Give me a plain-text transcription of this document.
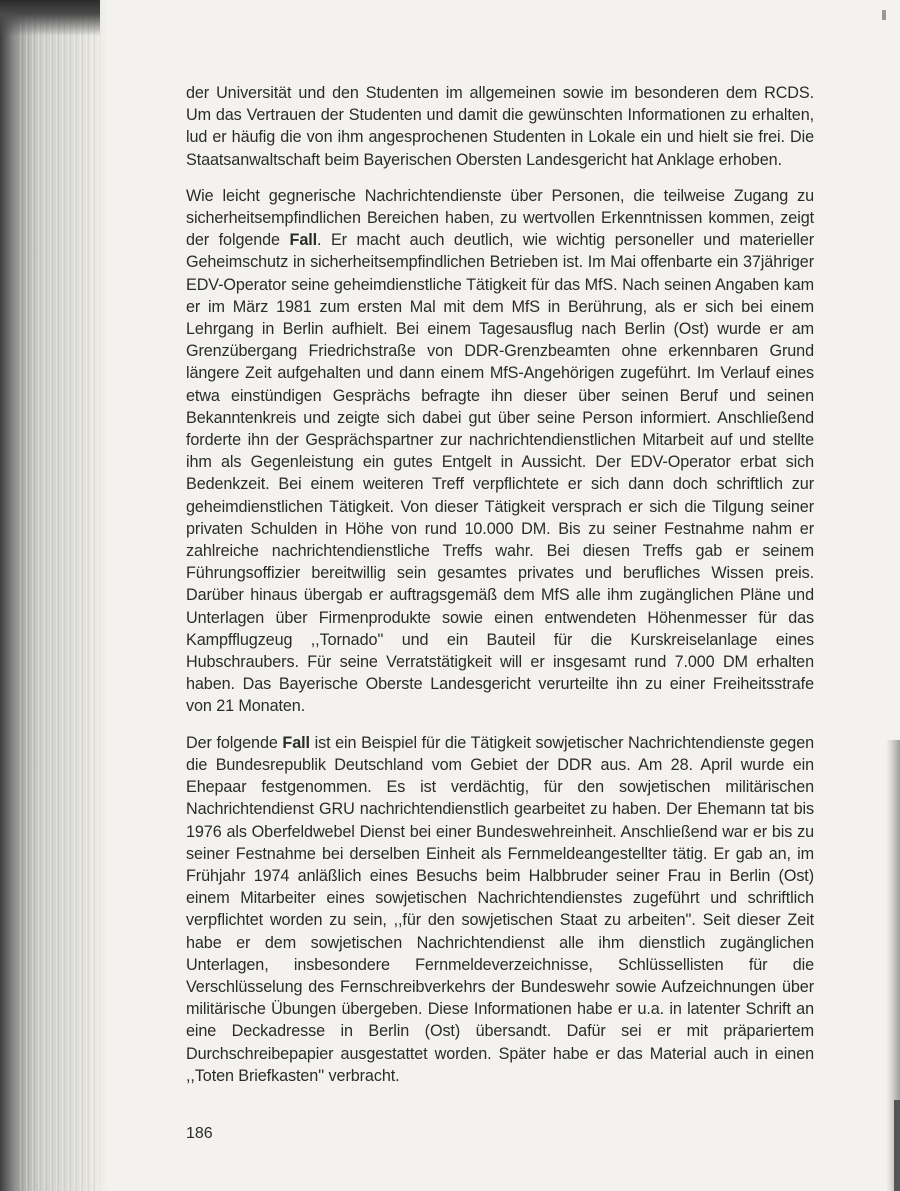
der Universität und den Studenten im allgemeinen sowie im besonderen dem RCDS. Um das Vertrauen der Studenten und damit die gewünschten Informationen zu erhalten, lud er häufig die von ihm angesprochenen Studenten in Lokale ein und hielt sie frei. Die Staatsanwaltschaft beim Bayerischen Obersten Landesgericht hat Anklage erhoben.

Wie leicht gegnerische Nachrichtendienste über Personen, die teilweise Zugang zu sicherheitsempfindlichen Bereichen haben, zu wertvollen Erkenntnissen kommen, zeigt der folgende Fall. Er macht auch deutlich, wie wichtig personeller und materieller Geheimschutz in sicherheitsempfindlichen Betrieben ist. Im Mai offenbarte ein 37jähriger EDV-Operator seine geheimdienstliche Tätigkeit für das MfS. Nach seinen Angaben kam er im März 1981 zum ersten Mal mit dem MfS in Berührung, als er sich bei einem Lehrgang in Berlin aufhielt. Bei einem Tagesausflug nach Berlin (Ost) wurde er am Grenzübergang Friedrichstraße von DDR-Grenzbeamten ohne erkennbaren Grund längere Zeit aufgehalten und dann einem MfS-Angehörigen zugeführt. Im Verlauf eines etwa einstündigen Gesprächs befragte ihn dieser über seinen Beruf und seinen Bekanntenkreis und zeigte sich dabei gut über seine Person informiert. Anschließend forderte ihn der Gesprächspartner zur nachrichtendienstlichen Mitarbeit auf und stellte ihm als Gegenleistung ein gutes Entgelt in Aussicht. Der EDV-Operator erbat sich Bedenkzeit. Bei einem weiteren Treff verpflichtete er sich dann doch schriftlich zur geheimdienstlichen Tätigkeit. Von dieser Tätigkeit versprach er sich die Tilgung seiner privaten Schulden in Höhe von rund 10.000 DM. Bis zu seiner Festnahme nahm er zahlreiche nachrichtendienstliche Treffs wahr. Bei diesen Treffs gab er seinem Führungsoffizier bereitwillig sein gesamtes privates und berufliches Wissen preis. Darüber hinaus übergab er auftragsgemäß dem MfS alle ihm zugänglichen Pläne und Unterlagen über Firmenprodukte sowie einen entwendeten Höhenmesser für das Kampfflugzeug ,,Tornado'' und ein Bauteil für die Kurskreiselanlage eines Hubschraubers. Für seine Verratstätigkeit will er insgesamt rund 7.000 DM erhalten haben. Das Bayerische Oberste Landesgericht verurteilte ihn zu einer Freiheitsstrafe von 21 Monaten.

Der folgende Fall ist ein Beispiel für die Tätigkeit sowjetischer Nachrichtendienste gegen die Bundesrepublik Deutschland vom Gebiet der DDR aus. Am 28. April wurde ein Ehepaar festgenommen. Es ist verdächtig, für den sowjetischen militärischen Nachrichtendienst GRU nachrichtendienstlich gearbeitet zu haben. Der Ehemann tat bis 1976 als Oberfeldwebel Dienst bei einer Bundeswehreinheit. Anschließend war er bis zu seiner Festnahme bei derselben Einheit als Fernmeldeangestellter tätig. Er gab an, im Frühjahr 1974 anläßlich eines Besuchs beim Halbbruder seiner Frau in Berlin (Ost) einem Mitarbeiter eines sowjetischen Nachrichtendienstes zugeführt und schriftlich verpflichtet worden zu sein, ,,für den sowjetischen Staat zu arbeiten''. Seit dieser Zeit habe er dem sowjetischen Nachrichtendienst alle ihm dienstlich zugänglichen Unterlagen, insbesondere Fernmeldeverzeichnisse, Schlüssellisten für die Verschlüsselung des Fernschreibverkehrs der Bundeswehr sowie Aufzeichnungen über militärische Übungen übergeben. Diese Informationen habe er u.a. in latenter Schrift an eine Deckadresse in Berlin (Ost) übersandt. Dafür sei er mit präpariertem Durchschreibepapier ausgestattet worden. Später habe er das Material auch in einen ,,Toten Briefkasten'' verbracht.

186
